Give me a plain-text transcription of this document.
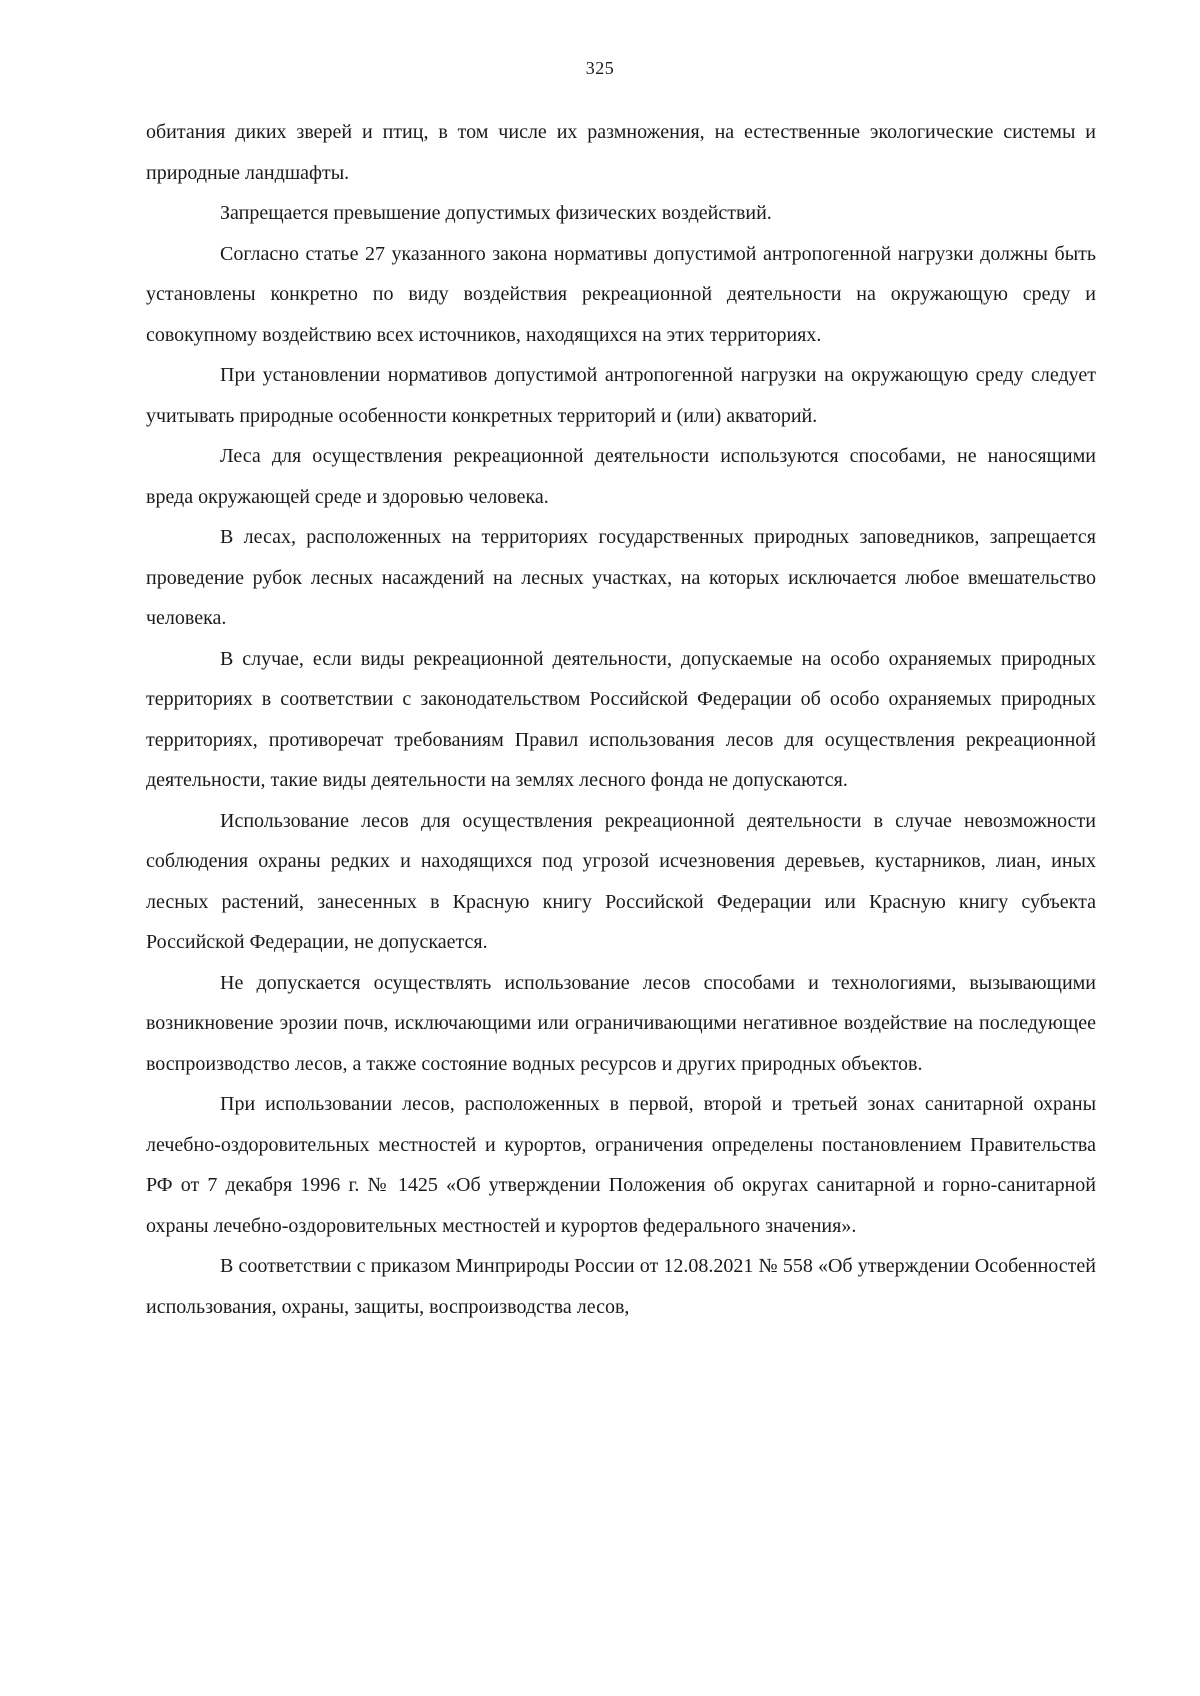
325

обитания диких зверей и птиц, в том числе их размножения, на естественные экологические системы и природные ландшафты.

Запрещается превышение допустимых физических воздействий.

Согласно статье 27 указанного закона нормативы допустимой антропогенной нагрузки должны быть установлены конкретно по виду воздействия рекреационной деятельности на окружающую среду и совокупному воздействию всех источников, находящихся на этих территориях.

При установлении нормативов допустимой антропогенной нагрузки на окружающую среду следует учитывать природные особенности конкретных территорий и (или) акваторий.

Леса для осуществления рекреационной деятельности используются способами, не наносящими вреда окружающей среде и здоровью человека.

В лесах, расположенных на территориях государственных природных заповедников, запрещается проведение рубок лесных насаждений на лесных участках, на которых исключается любое вмешательство человека.

В случае, если виды рекреационной деятельности, допускаемые на особо охраняемых природных территориях в соответствии с законодательством Российской Федерации об особо охраняемых природных территориях, противоречат требованиям Правил использования лесов для осуществления рекреационной деятельности, такие виды деятельности на землях лесного фонда не допускаются.

Использование лесов для осуществления рекреационной деятельности в случае невозможности соблюдения охраны редких и находящихся под угрозой исчезновения деревьев, кустарников, лиан, иных лесных растений, занесенных в Красную книгу Российской Федерации или Красную книгу субъекта Российской Федерации, не допускается.

Не допускается осуществлять использование лесов способами и технологиями, вызывающими возникновение эрозии почв, исключающими или ограничивающими негативное воздействие на последующее воспроизводство лесов, а также состояние водных ресурсов и других природных объектов.

При использовании лесов, расположенных в первой, второй и третьей зонах санитарной охраны лечебно-оздоровительных местностей и курортов, ограничения определены постановлением Правительства РФ от 7 декабря 1996 г. № 1425 «Об утверждении Положения об округах санитарной и горно-санитарной охраны лечебно-оздоровительных местностей и курортов федерального значения».

В соответствии с приказом Минприроды России от 12.08.2021 № 558 «Об утверждении Особенностей использования, охраны, защиты, воспроизводства лесов,
